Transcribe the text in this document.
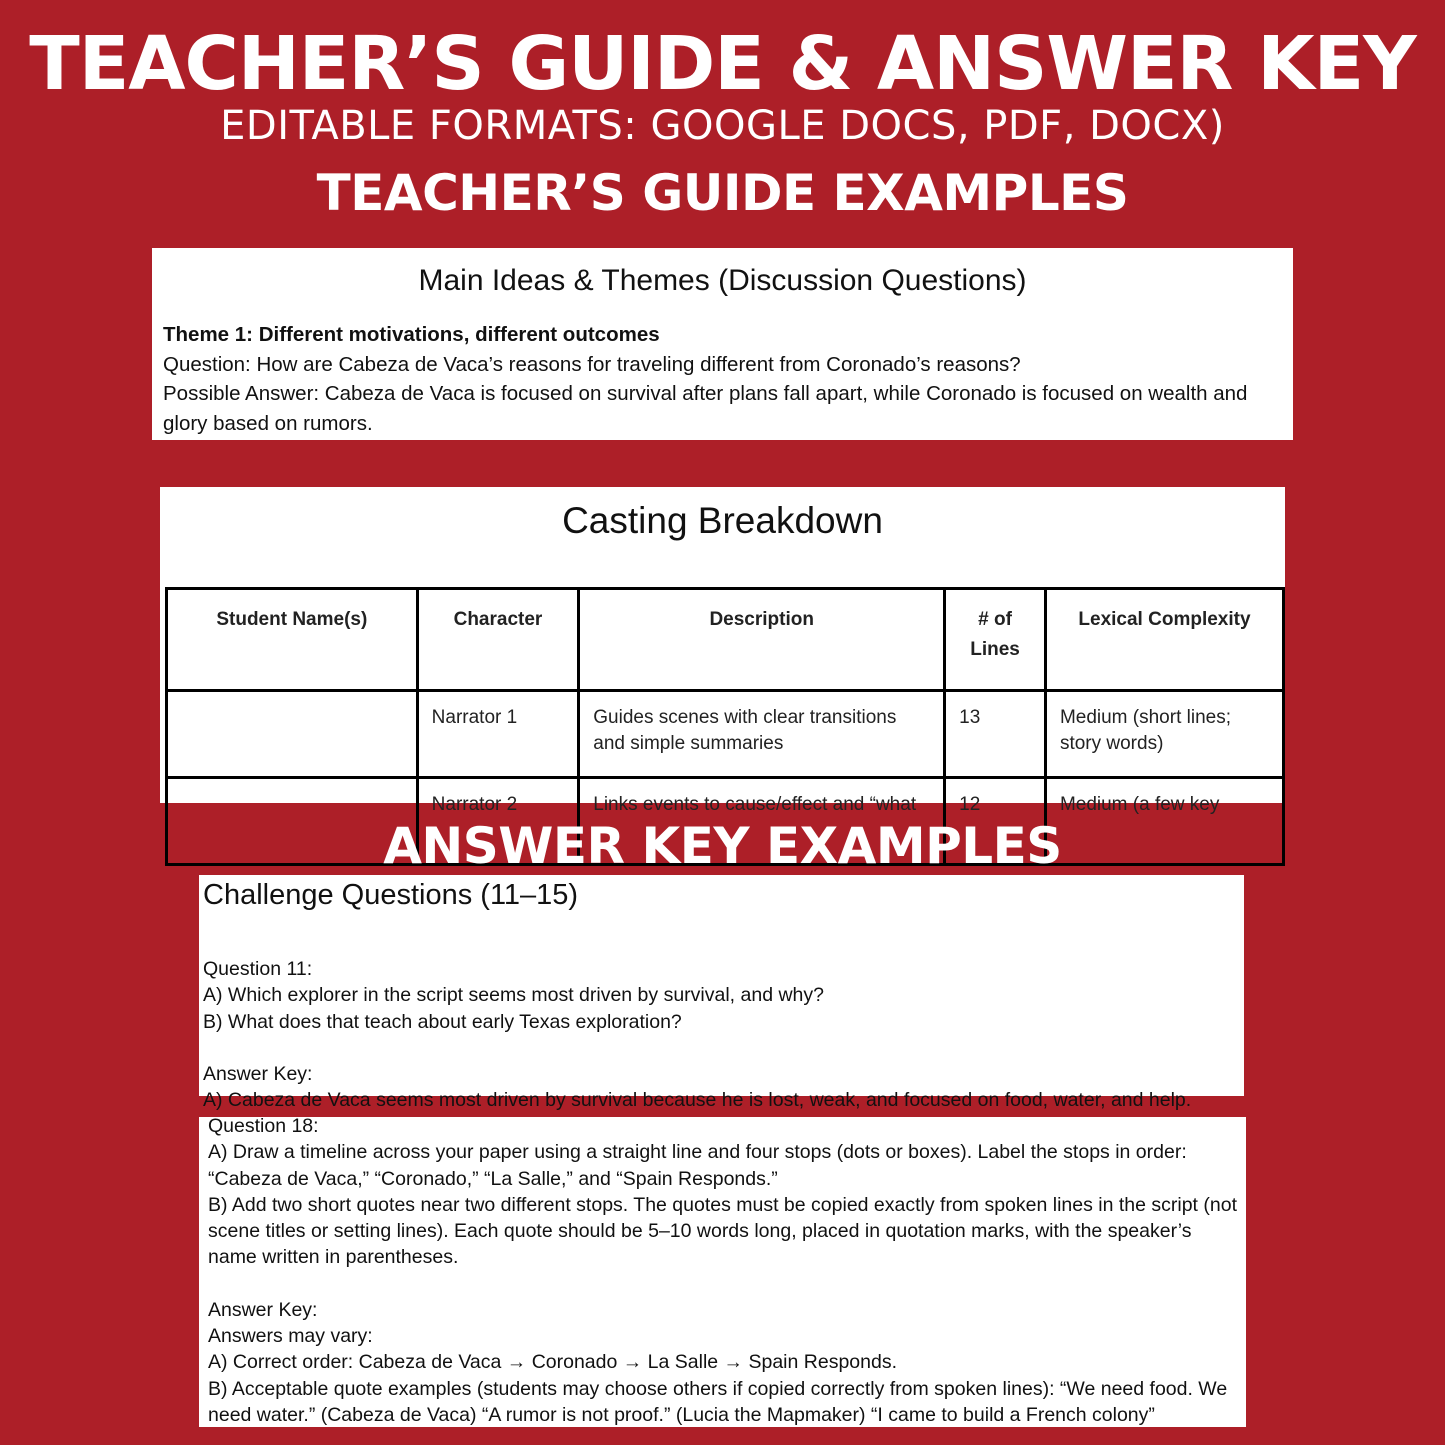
TEACHER’S GUIDE & ANSWER KEY
EDITABLE FORMATS: GOOGLE DOCS, PDF, DOCX)
TEACHER’S GUIDE EXAMPLES
Main Ideas & Themes (Discussion Questions)
Theme 1: Different motivations, different outcomes
Question: How are Cabeza de Vaca’s reasons for traveling different from Coronado’s reasons?
Possible Answer: Cabeza de Vaca is focused on survival after plans fall apart, while Coronado is focused on wealth and glory based on rumors.
Casting Breakdown
Student Name(s)	Character	Description	# of Lines	Lexical Complexity
	Narrator 1	Guides scenes with clear transitions and simple summaries	13	Medium (short lines; story words)
	Narrator 2	Links events to cause/effect and “what	12	Medium (a few key
ANSWER KEY EXAMPLES
Challenge Questions (11–15)
Question 11:
A) Which explorer in the script seems most driven by survival, and why?
B) What does that teach about early Texas exploration?
Answer Key:
A) Cabeza de Vaca seems most driven by survival because he is lost, weak, and focused on food, water, and help.
Question 18:
A) Draw a timeline across your paper using a straight line and four stops (dots or boxes). Label the stops in order: “Cabeza de Vaca,” “Coronado,” “La Salle,” and “Spain Responds.”
B) Add two short quotes near two different stops. The quotes must be copied exactly from spoken lines in the script (not scene titles or setting lines). Each quote should be 5–10 words long, placed in quotation marks, with the speaker’s name written in parentheses.
Answer Key:
Answers may vary:
A) Correct order: Cabeza de Vaca → Coronado → La Salle → Spain Responds.
B) Acceptable quote examples (students may choose others if copied correctly from spoken lines): “We need food. We need water.” (Cabeza de Vaca) “A rumor is not proof.” (Lucia the Mapmaker) “I came to build a French colony”
